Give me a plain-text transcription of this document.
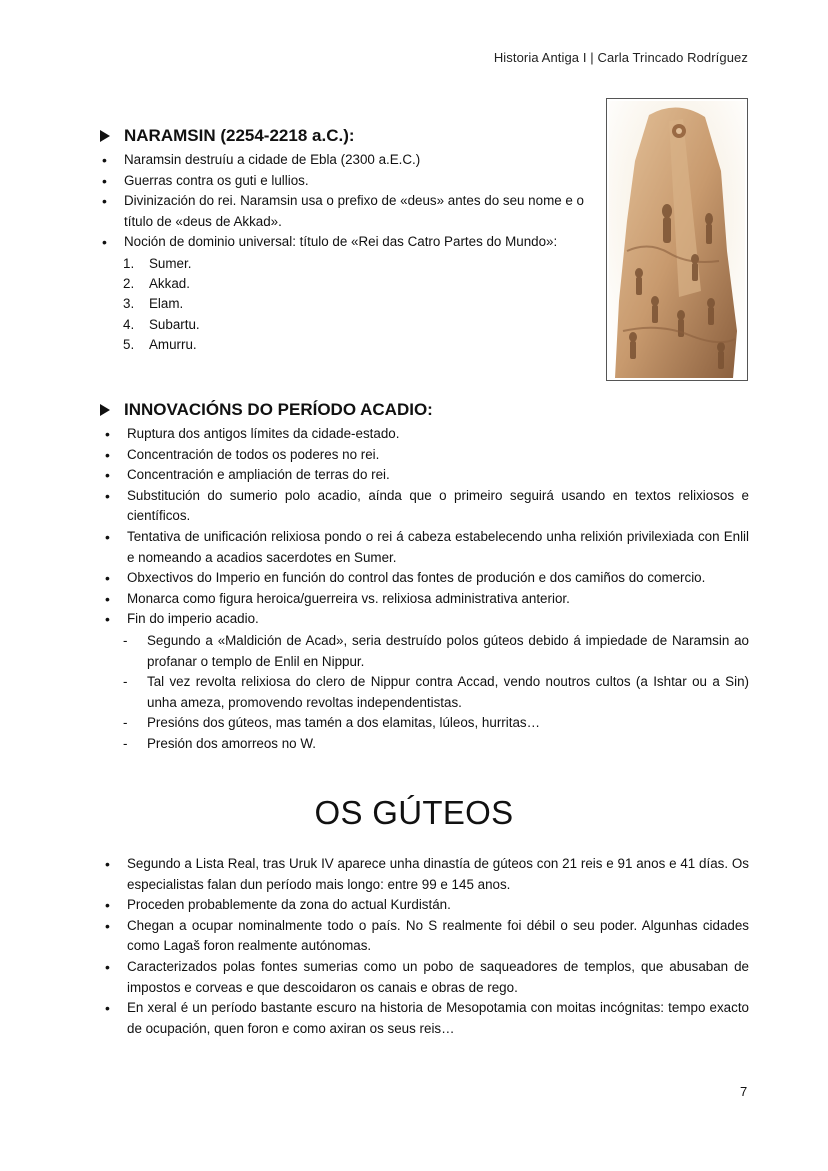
Historia Antiga I | Carla Trincado Rodríguez
NARAMSIN (2254-2218 a.C.):
• Naramsin destruíu a cidade de Ebla (2300 a.E.C.)
• Guerras contra os guti e lullios.
• Divinización do rei. Naramsin usa o prefixo de «deus» antes do seu nome e o título de «deus de Akkad».
• Noción de dominio universal: título de «Rei das Catro Partes do Mundo»:
1. Sumer.
2. Akkad.
3. Elam.
4. Subartu.
5. Amurru.
INNOVACIÓNS DO PERÍODO ACADIO:
• Ruptura dos antigos límites da cidade-estado.
• Concentración de todos os poderes no rei.
• Concentración e ampliación de terras do rei.
• Substitución do sumerio polo acadio, aínda que o primeiro seguirá usando en textos relixiosos e científicos.
• Tentativa de unificación relixiosa pondo o rei á cabeza estabelecendo unha relixión privilexiada con Enlil e nomeando a acadios sacerdotes en Sumer.
• Obxectivos do Imperio en función do control das fontes de produción e dos camiños do comercio.
• Monarca como figura heroica/guerreira vs. relixiosa administrativa anterior.
• Fin do imperio acadio.
- Segundo a «Maldición de Acad», seria destruído polos gúteos debido á impiedade de Naramsin ao profanar o templo de Enlil en Nippur.
- Tal vez revolta relixiosa do clero de Nippur contra Accad, vendo noutros cultos (a Ishtar ou a Sin) unha ameza, promovendo revoltas independentistas.
- Presións dos gúteos, mas tamén a dos elamitas, lúleos, hurritas…
- Presión dos amorreos no W.
OS GÚTEOS
• Segundo a Lista Real, tras Uruk IV aparece unha dinastía de gúteos con 21 reis e 91 anos e 41 días. Os especialistas falan dun período mais longo: entre 99 e 145 anos.
• Proceden probablemente da zona do actual Kurdistán.
• Chegan a ocupar nominalmente todo o país. No S realmente foi débil o seu poder. Algunhas cidades como Lagaš foron realmente autónomas.
• Caracterizados polas fontes sumerias como un pobo de saqueadores de templos, que abusaban de impostos e corveas e que descoidaron os canais e obras de rego.
• En xeral é un período bastante escuro na historia de Mesopotamia con moitas incógnitas: tempo exacto de ocupación, quen foron e como axiran os seus reis…
7
